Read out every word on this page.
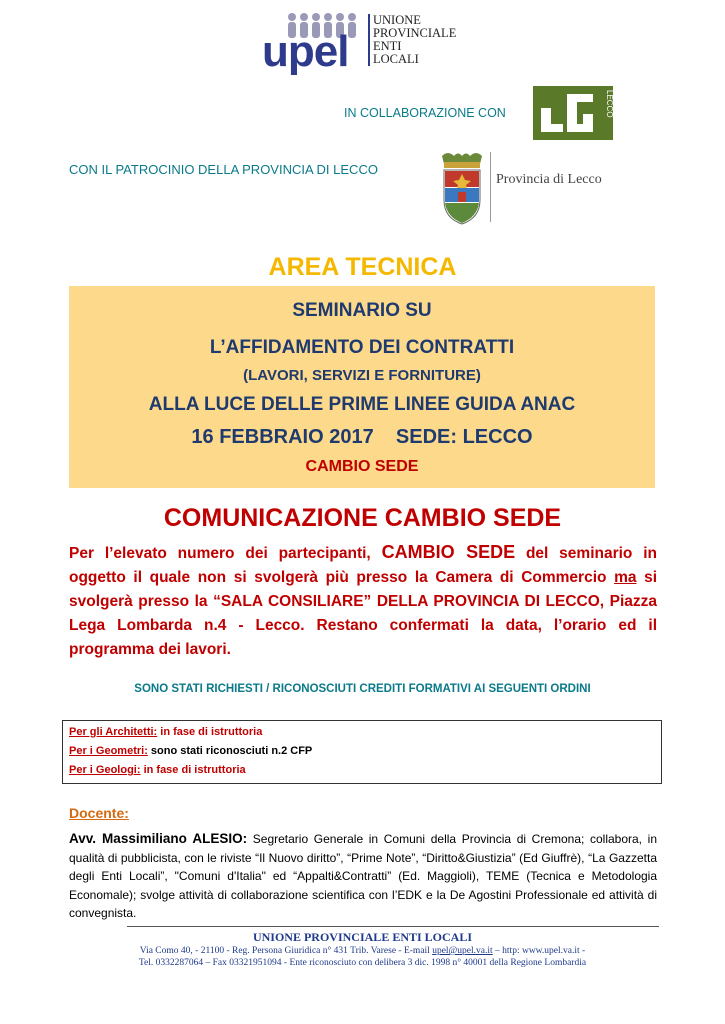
upel
UNIONE
PROVINCIALE
ENTI
LOCALI
IN COLLABORAZIONE CON	LECCO
CON IL PATROCINIO DELLA PROVINCIA DI LECCO
Provincia di Lecco
AREA TECNICA
SEMINARIO SU
L’AFFIDAMENTO DEI CONTRATTI
(LAVORI, SERVIZI E FORNITURE)
ALLA LUCE DELLE PRIME LINEE GUIDA ANAC
16 FEBBRAIO 2017    SEDE: LECCO
CAMBIO SEDE
COMUNICAZIONE CAMBIO SEDE
Per l’elevato numero dei partecipanti, CAMBIO SEDE del seminario in oggetto il quale non si svolgerà più presso la Camera di Commercio ma si svolgerà presso la “SALA CONSILIARE” DELLA PROVINCIA DI LECCO, Piazza Lega Lombarda n.4 - Lecco. Restano confermati la data, l’orario ed il programma dei lavori.
SONO STATI RICHIESTI / RICONOSCIUTI CREDITI FORMATIVI AI SEGUENTI ORDINI
Per gli Architetti: in fase di istruttoria
Per i Geometri: sono stati riconosciuti n.2 CFP
Per i Geologi: in fase di istruttoria
Docente:
Avv. Massimiliano ALESIO: Segretario Generale in Comuni della Provincia di Cremona; collabora, in qualità di pubblicista, con le riviste “Il Nuovo diritto”, “Prime Note”, “Diritto&Giustizia” (Ed Giuffrè), “La Gazzetta degli Enti Locali”, "Comuni d'Italia" ed “Appalti&Contratti” (Ed. Maggioli), TEME (Tecnica e Metodologia Economale); svolge attività di collaborazione scientifica con l’EDK e la De Agostini Professionale ed attività di convegnista.
UNIONE PROVINCIALE ENTI LOCALI
Via Como 40, - 21100 - Reg. Persona Giuridica n° 431 Trib. Varese - E-mail upel@upel.va.it – http: www.upel.va.it -
Tel. 0332287064 – Fax 03321951094 - Ente riconosciuto con delibera 3 dic. 1998 n° 40001 della Regione Lombardia
